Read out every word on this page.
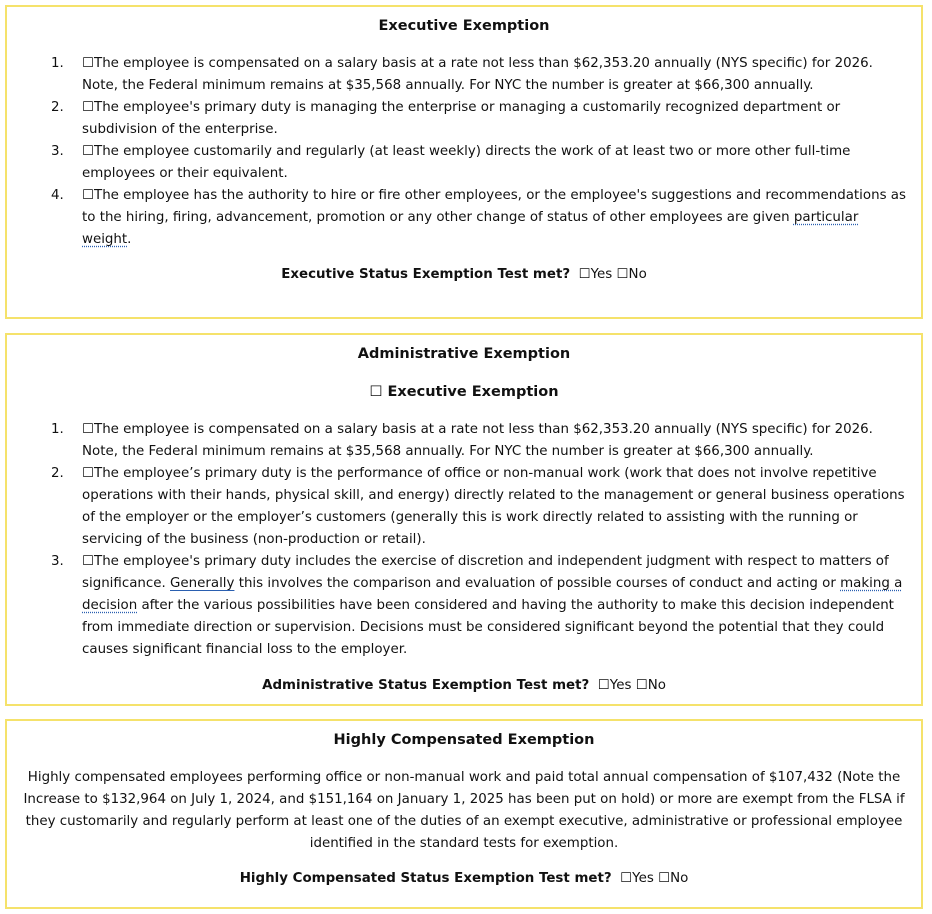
Executive Exemption
1. ☐The employee is compensated on a salary basis at a rate not less than $62,353.20 annually (NYS specific) for 2026. Note, the Federal minimum remains at $35,568 annually. For NYC the number is greater at $66,300 annually.
2. ☐The employee's primary duty is managing the enterprise or managing a customarily recognized department or subdivision of the enterprise.
3. ☐The employee customarily and regularly (at least weekly) directs the work of at least two or more other full-time employees or their equivalent.
4. ☐The employee has the authority to hire or fire other employees, or the employee's suggestions and recommendations as to the hiring, firing, advancement, promotion or any other change of status of other employees are given particular weight.
Executive Status Exemption Test met? ☐Yes ☐No
Administrative Exemption
☐ Executive Exemption
1. ☐The employee is compensated on a salary basis at a rate not less than $62,353.20 annually (NYS specific) for 2026. Note, the Federal minimum remains at $35,568 annually. For NYC the number is greater at $66,300 annually.
2. ☐The employee’s primary duty is the performance of office or non-manual work (work that does not involve repetitive operations with their hands, physical skill, and energy) directly related to the management or general business operations of the employer or the employer’s customers (generally this is work directly related to assisting with the running or servicing of the business (non-production or retail).
3. ☐The employee's primary duty includes the exercise of discretion and independent judgment with respect to matters of significance. Generally this involves the comparison and evaluation of possible courses of conduct and acting or making a decision after the various possibilities have been considered and having the authority to make this decision independent from immediate direction or supervision. Decisions must be considered significant beyond the potential that they could causes significant financial loss to the employer.
Administrative Status Exemption Test met? ☐Yes ☐No
Highly Compensated Exemption
Highly compensated employees performing office or non-manual work and paid total annual compensation of $107,432 (Note the Increase to $132,964 on July 1, 2024, and $151,164 on January 1, 2025 has been put on hold) or more are exempt from the FLSA if they customarily and regularly perform at least one of the duties of an exempt executive, administrative or professional employee identified in the standard tests for exemption.
Highly Compensated Status Exemption Test met? ☐Yes ☐No
